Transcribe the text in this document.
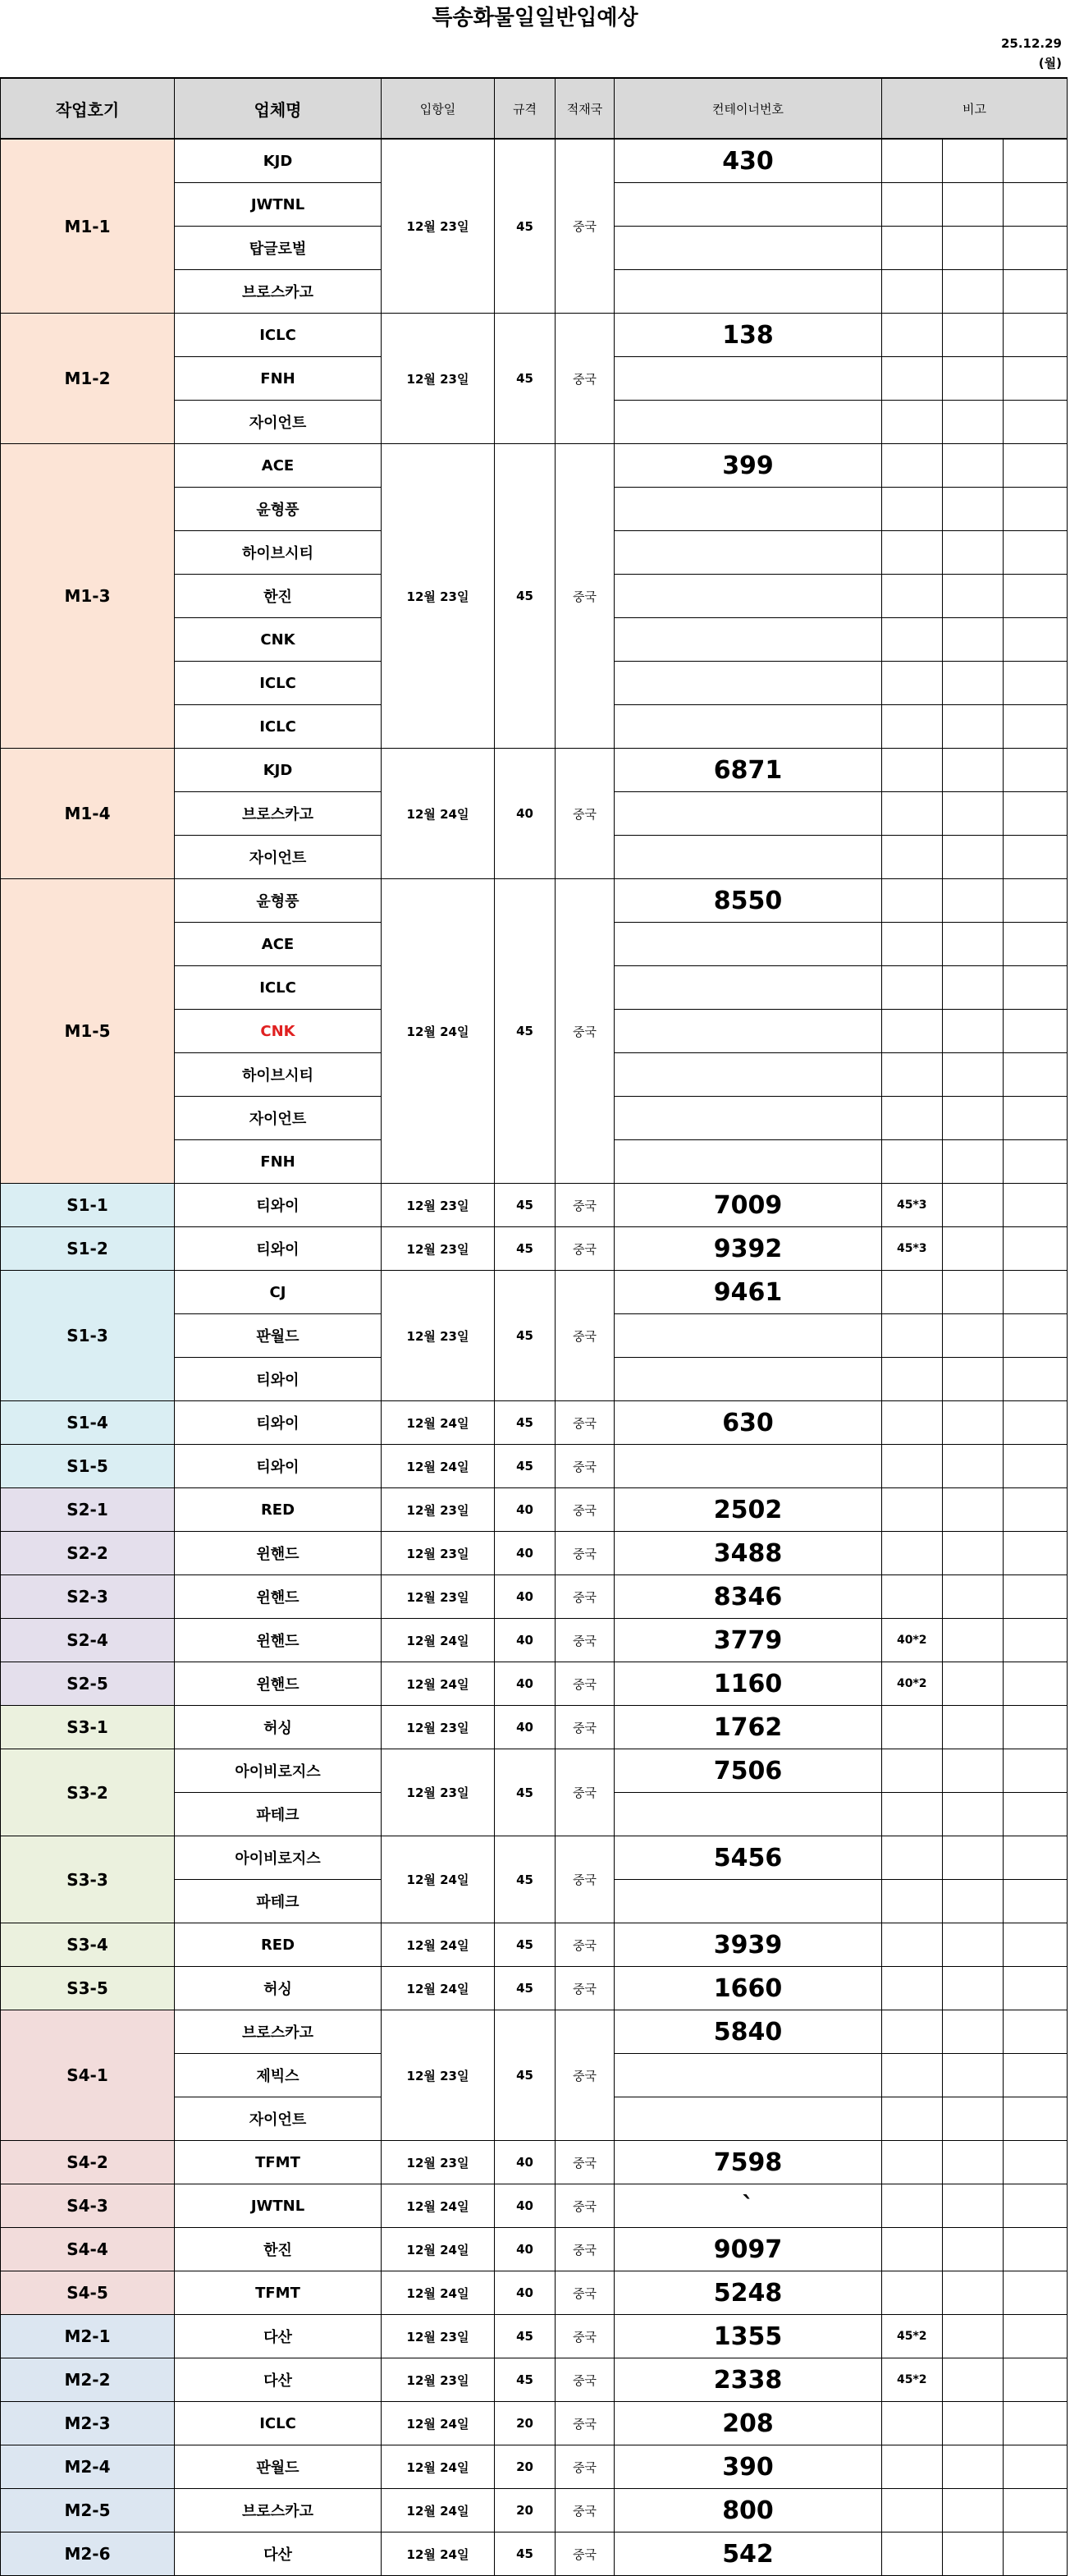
특송화물일일반입예상
25.12.29
(월)
작업호기	업체명	입항일	규격	적재국	컨테이너번호	비고		
M1-1	KJD	12월 23일	45	중국	430			
	JWTNL							
	탑글로벌							
	브로스카고							
M1-2	ICLC	12월 23일	45	중국	138			
	FNH							
	자이언트							
M1-3	ACE	12월 23일	45	중국	399			
	윤형풍							
	하이브시티							
	한진							
	CNK							
	ICLC							
	ICLC							
M1-4	KJD	12월 24일	40	중국	6871			
	브로스카고							
	자이언트							
M1-5	윤형풍	12월 24일	45	중국	8550			
	ACE							
	ICLC							
	CNK							
	하이브시티							
	자이언트							
	FNH							
S1-1	티와이	12월 23일	45	중국	7009	45*3		
S1-2	티와이	12월 23일	45	중국	9392	45*3		
S1-3	CJ	12월 23일	45	중국	9461			
	판월드							
	티와이							
S1-4	티와이	12월 24일	45	중국	630			
S1-5	티와이	12월 24일	45	중국				
S2-1	RED	12월 23일	40	중국	2502			
S2-2	윈핸드	12월 23일	40	중국	3488			
S2-3	윈핸드	12월 23일	40	중국	8346			
S2-4	윈핸드	12월 24일	40	중국	3779	40*2		
S2-5	윈핸드	12월 24일	40	중국	1160	40*2		
S3-1	허싱	12월 23일	40	중국	1762			
S3-2	아이비로지스	12월 23일	45	중국	7506			
	파테크							
S3-3	아이비로지스	12월 24일	45	중국	5456			
	파테크							
S3-4	RED	12월 24일	45	중국	3939			
S3-5	허싱	12월 24일	45	중국	1660			
S4-1	브로스카고	12월 23일	45	중국	5840			
	제빅스							
	자이언트							
S4-2	TFMT	12월 23일	40	중국	7598			
S4-3	JWTNL	12월 24일	40	중국	`			
S4-4	한진	12월 24일	40	중국	9097			
S4-5	TFMT	12월 24일	40	중국	5248			
M2-1	다산	12월 23일	45	중국	1355	45*2		
M2-2	다산	12월 23일	45	중국	2338	45*2		
M2-3	ICLC	12월 24일	20	중국	208			
M2-4	판월드	12월 24일	20	중국	390			
M2-5	브로스카고	12월 24일	20	중국	800			
M2-6	다산	12월 24일	45	중국	542			
